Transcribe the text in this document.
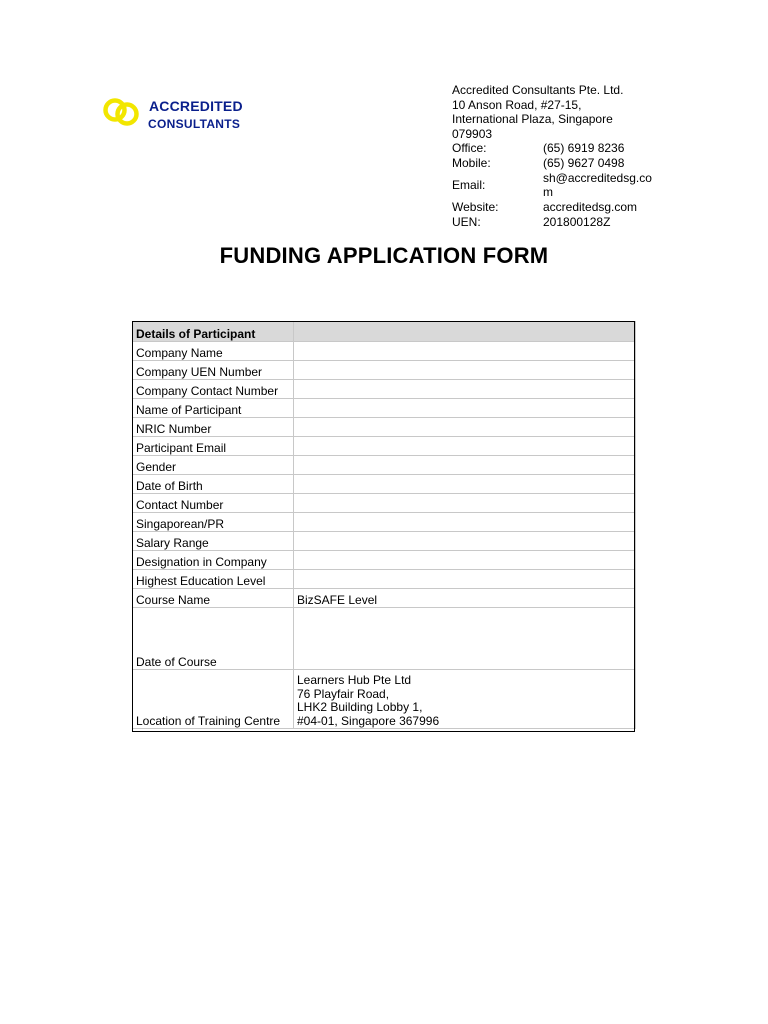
ACCREDITED
CONSULTANTS
Accredited Consultants Pte. Ltd.
10 Anson Road, #27-15,
International Plaza, Singapore
079903
Office:	(65) 6919 8236
Mobile:	(65) 9627 0498
Email:	sh@accreditedsg.com
Website:	accreditedsg.com
UEN:	201800128Z
FUNDING APPLICATION FORM
Details of Participant	
Company Name	
Company UEN Number	
Company Contact Number	
Name of Participant	
NRIC Number	
Participant Email	
Gender	
Date of Birth	
Contact Number	
Singaporean/PR	
Salary Range	
Designation in Company	
Highest Education Level	
Course Name	BizSAFE Level
Date of Course	
Location of Training Centre	Learners Hub Pte Ltd
76 Playfair Road,
LHK2 Building Lobby 1,
#04-01, Singapore 367996
